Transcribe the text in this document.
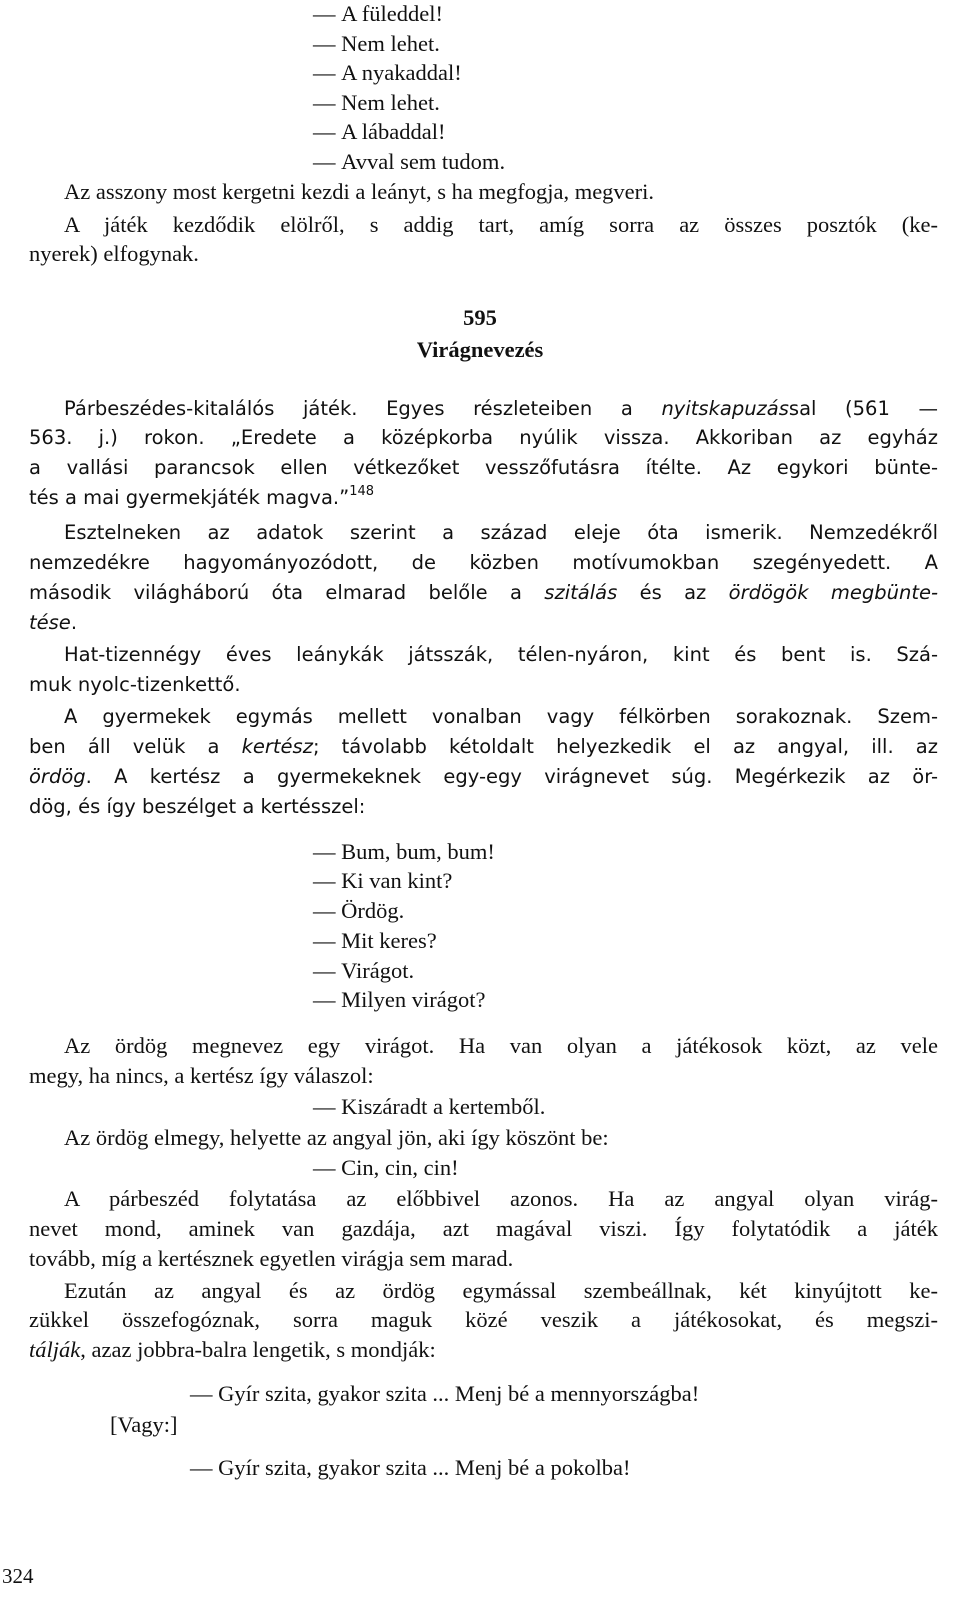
— A füleddel!
— Nem lehet.
— A nyakaddal!
— Nem lehet.
— A lábaddal!
— Avval sem tudom.
Az asszony most kergetni kezdi a leányt, s ha megfogja, megveri.
A játék kezdődik elölről, s addig tart, amíg sorra az összes posztók (ke-
nyerek) elfogynak.
595
Virágnevezés
Párbeszédes-kitalálós játék. Egyes részleteiben a nyitskapuzással (561 —
563. j.) rokon. „Eredete a középkorba nyúlik vissza. Akkoriban az egyház
a vallási parancsok ellen vétkezőket vesszőfutásra ítélte. Az egykori bünte-
tés a mai gyermekjáték magva.”$^{148}$
Esztelneken az adatok szerint a század eleje óta ismerik. Nemzedékről
nemzedékre hagyományozódott, de közben motívumokban szegényedett. A
második világháború óta elmarad belőle a szitálás és az ördögök megbünte-
tése.
Hat-tizennégy éves leánykák játsszák, télen-nyáron, kint és bent is. Szá-
muk nyolc-tizenkettő.
A gyermekek egymás mellett vonalban vagy félkörben sorakoznak. Szem-
ben áll velük a kertész; távolabb kétoldalt helyezkedik el az angyal, ill. az
ördög. A kertész a gyermekeknek egy-egy virágnevet súg. Megérkezik az ör-
dög, és így beszélget a kertésszel:
— Bum, bum, bum!
— Ki van kint?
— Ördög.
— Mit keres?
— Virágot.
— Milyen virágot?
Az ördög megnevez egy virágot. Ha van olyan a játékosok közt, az vele
megy, ha nincs, a kertész így válaszol:
— Kiszáradt a kertemből.
Az ördög elmegy, helyette az angyal jön, aki így köszönt be:
— Cin, cin, cin!
A párbeszéd folytatása az előbbivel azonos. Ha az angyal olyan virág-
nevet mond, aminek van gazdája, azt magával viszi. Így folytatódik a játék
tovább, míg a kertésznek egyetlen virágja sem marad.
Ezután az angyal és az ördög egymással szembeállnak, két kinyújtott ke-
zükkel összefogóznak, sorra maguk közé veszik a játékosokat, és megszi-
tálják, azaz jobbra-balra lengetik, s mondják:
— Gyír szita, gyakor szita ... Menj bé a mennyországba!
[Vagy:]
— Gyír szita, gyakor szita ... Menj bé a pokolba!
324
